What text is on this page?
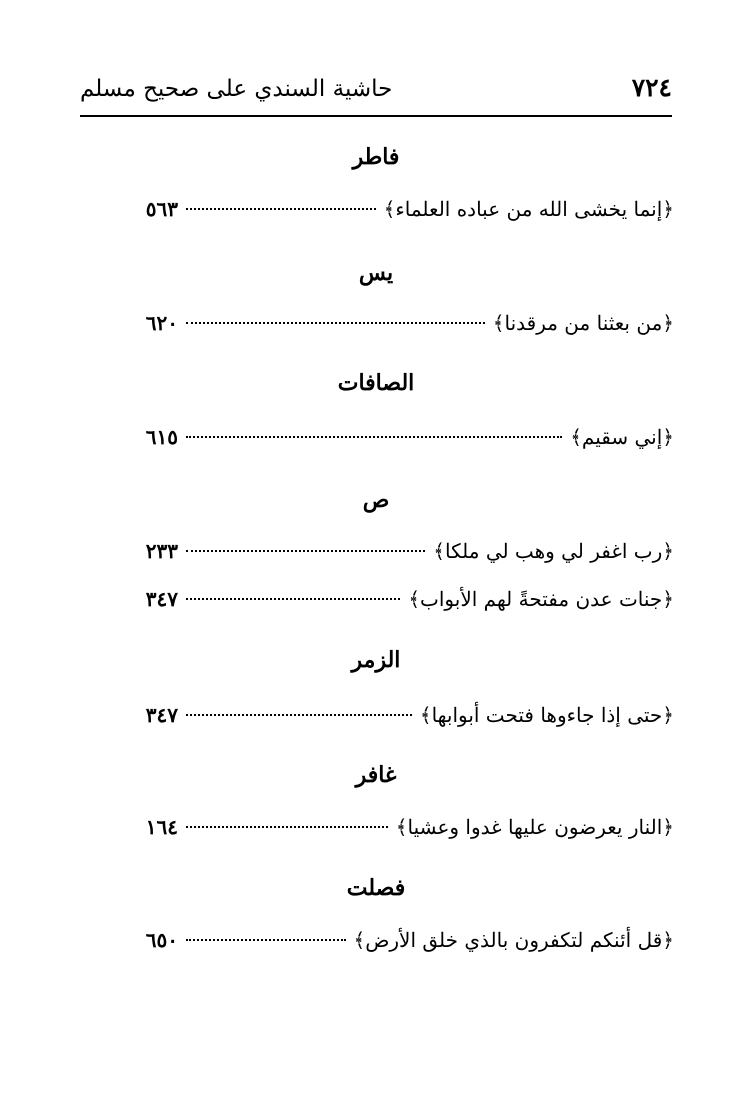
٧٢٤
حاشية السندي على صحيح مسلم
فاطر
﴿إنما يخشى الله من عباده العلماء﴾
٥٦٣
يس
﴿من بعثنا من مرقدنا﴾
٦٢٠
الصافات
﴿إني سقيم﴾
٦١٥
ص
﴿رب اغفر لي وهب لي ملكا﴾
٢٣٣
﴿جنات عدن مفتحةً لهم الأبواب﴾
٣٤٧
الزمر
﴿حتى إذا جاءوها فتحت أبوابها﴾
٣٤٧
غافر
﴿النار يعرضون عليها غدوا وعشيا﴾
١٦٤
فصلت
﴿قل أئنكم لتكفرون بالذي خلق الأرض﴾
٦٥٠
